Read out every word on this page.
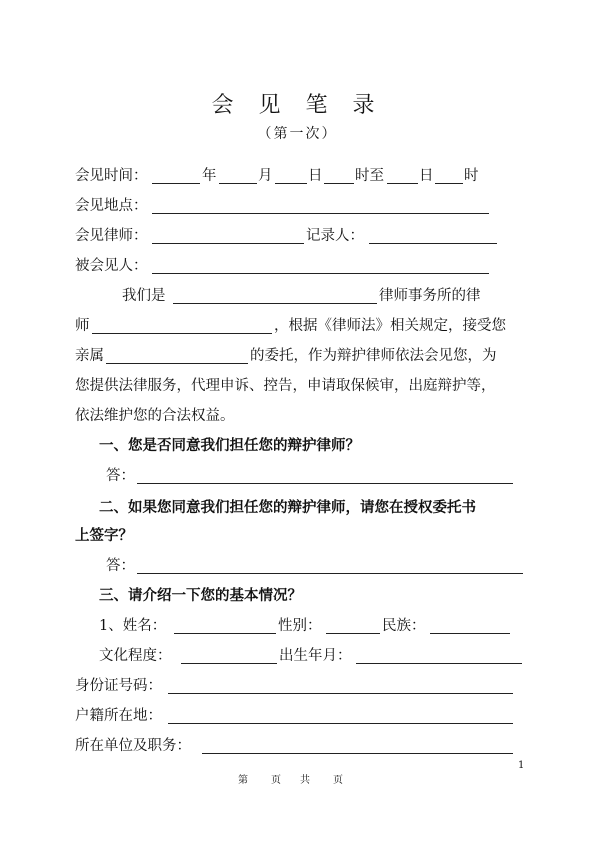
会 见 笔 录
（第一次）
会见时间：	年	月 日 时至 日 时
会见地点：
会见律师：	记录人：
被会见人：
我们是	律师事务所的律
师	，根据《律师法》相关规定，接受您
亲属	的委托，作为辩护律师依法会见您，为
您提供法律服务，代理申诉、控告，申请取保候审，出庭辩护等，
依法维护您的合法权益。
一、您是否同意我们担任您的辩护律师？
答：
二、如果您同意我们担任您的辩护律师，请您在授权委托书
上签字？
答：
三、请介绍一下您的基本情况？
1、姓名：	性别：	民族：
文化程度：	出生年月：
身份证号码：
户籍所在地：
所在单位及职务：
1
第 页 共 页
